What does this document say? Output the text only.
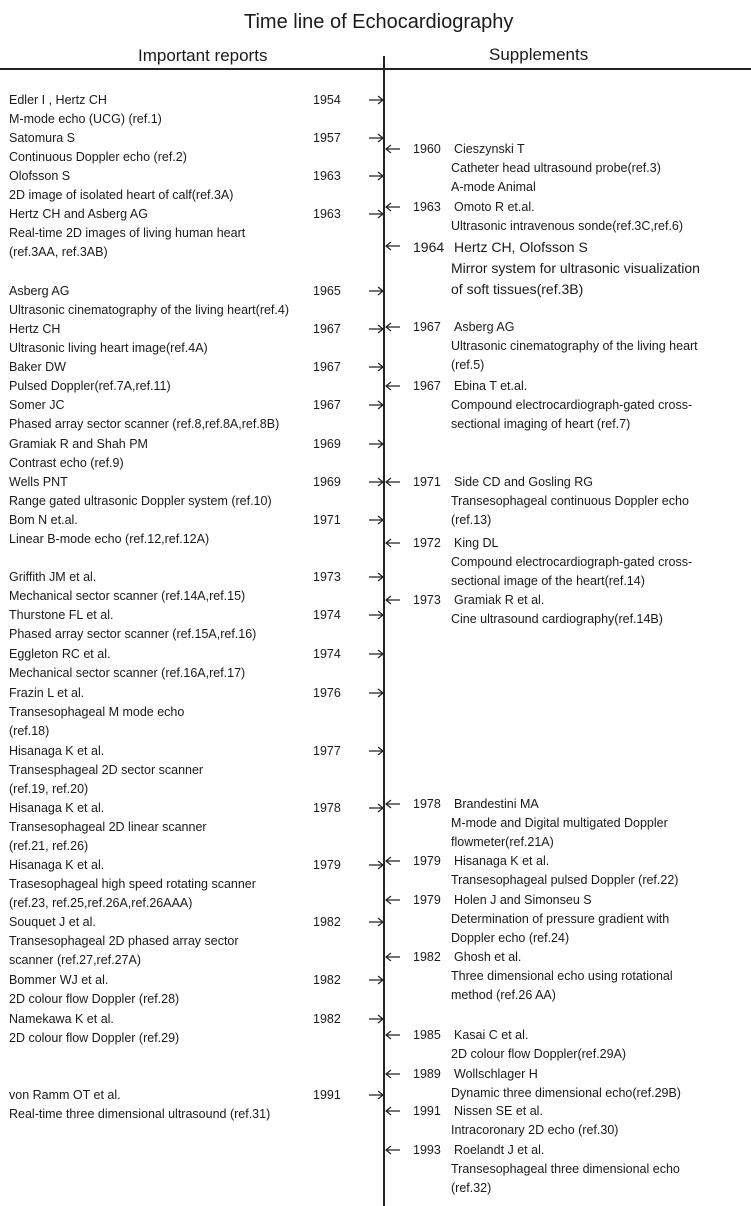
Time line of Echocardiography
Important reports	Supplements
Edler I , Hertz CH
M-mode echo (UCG) (ref.1)
1954
Satomura S
Continuous Doppler echo (ref.2)
1957
Olofsson S
2D image of isolated heart of calf(ref.3A)
1963
Hertz CH and Asberg AG
Real-time 2D images of living human heart
(ref.3AA, ref.3AB)
1963
Asberg AG
Ultrasonic cinematography of the living heart(ref.4)
1965
Hertz CH
Ultrasonic living heart image(ref.4A)
1967
Baker DW
Pulsed Doppler(ref.7A,ref.11)
1967
Somer JC
Phased array sector scanner (ref.8,ref.8A,ref.8B)
1967
Gramiak R and Shah PM
Contrast echo (ref.9)
1969
Wells PNT
Range gated ultrasonic Doppler system (ref.10)
1969
Bom N et.al.
Linear B-mode echo (ref.12,ref.12A)
1971
Griffith JM et al.
Mechanical sector scanner (ref.14A,ref.15)
1973
Thurstone FL et al.
Phased array sector scanner (ref.15A,ref.16)
1974
Eggleton RC et al.
Mechanical sector scanner (ref.16A,ref.17)
1974
Frazin L et al.
Transesophageal M mode echo
(ref.18)
1976
Hisanaga K et al.
Transesphageal 2D sector scanner
(ref.19, ref.20)
1977
Hisanaga K et al.
Transesophageal 2D linear scanner
(ref.21, ref.26)
1978
Hisanaga K et al.
Trasesophageal high speed rotating scanner
(ref.23, ref.25,ref.26A,ref.26AAA)
1979
Souquet J et al.
Transesophageal 2D phased array sector
scanner (ref.27,ref.27A)
1982
Bommer WJ et al.
2D colour flow Doppler (ref.28)
1982
Namekawa K et al.
2D colour flow Doppler (ref.29)
1982
von Ramm OT et al.
Real-time three dimensional ultrasound (ref.31)
1991
1960 Cieszynski T
Catheter head ultrasound probe(ref.3)
A-mode Animal
1963 Omoto R et.al.
Ultrasonic intravenous sonde(ref.3C,ref.6)
1964 Hertz CH, Olofsson S
Mirror system for ultrasonic visualization
of soft tissues(ref.3B)
1967 Asberg AG
Ultrasonic cinematography of the living heart
(ref.5)
1967 Ebina T et.al.
Compound electrocardiograph-gated cross-
sectional imaging of heart (ref.7)
1971 Side CD and Gosling RG
Transesophageal continuous Doppler echo
(ref.13)
1972 King DL
Compound electrocardiograph-gated cross-
sectional image of the heart(ref.14)
1973 Gramiak R et al.
Cine ultrasound cardiography(ref.14B)
1978 Brandestini MA
M-mode and Digital multigated Doppler
flowmeter(ref.21A)
1979 Hisanaga K et al.
Transesophageal pulsed Doppler (ref.22)
1979 Holen J and Simonseu S
Determination of pressure gradient with
Doppler echo (ref.24)
1982 Ghosh et al.
Three dimensional echo using rotational
method (ref.26 AA)
1985 Kasai C et al.
2D colour flow Doppler(ref.29A)
1989 Wollschlager H
Dynamic three dimensional echo(ref.29B)
1991 Nissen SE et al.
Intracoronary 2D echo (ref.30)
1993 Roelandt J et al.
Transesophageal three dimensional echo
(ref.32)
